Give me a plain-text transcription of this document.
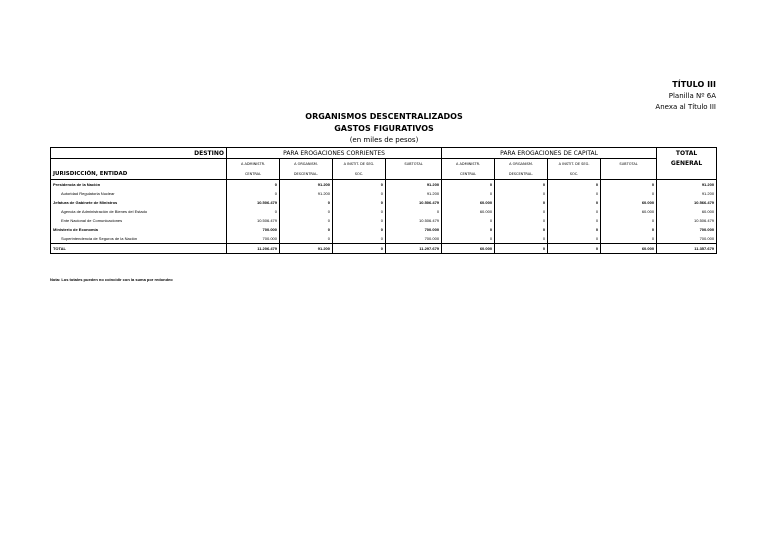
TÍTULO III
Planilla Nº 6A
Anexa al Título III
ORGANISMOS DESCENTRALIZADOS
GASTOS FIGURATIVOS
(en miles de pesos)
DESTINO	PARA EROGACIONES CORRIENTES				PARA EROGACIONES DE CAPITAL				TOTAL
	A ADMINISTR.	A ORGANISM.	A INSTIT. DE SEG.	SUBTOTAL	A ADMINISTR.	A ORGANISM.	A INSTIT. DE SEG.	SUBTOTAL	GENERAL
JURISDICCIÓN, ENTIDAD	CENTRAL	DESCENTRAL.	SOC.		CENTRAL	DESCENTRAL.	SOC.		
Presidencia de la Nación	0	91.200	0	91.200	0	0	0	0	91.200
Autoridad Regulatoria Nuclear	0	91.200	0	91.200	0	0	0	0	91.200
Jefatura de Gabinete de Ministros	10.506.479	0	0	10.506.479	60.000	0	0	60.000	10.566.479
Agencia de Administración de Bienes del Estado	0	0	0	0	60.000	0	0	60.000	60.000
Ente Nacional de Comunicaciones	10.506.479	0	0	10.506.479	0	0	0	0	10.506.479
Ministerio de Economía	700.000	0	0	700.000	0	0	0	0	700.000
Superintendencia de Seguros de la Nación	700.000	0	0	700.000	0	0	0	0	700.000
TOTAL	11.206.479	91.200	0	11.297.679	60.000	0	0	60.000	11.357.679
Nota: Los totales pueden no coincidir con la suma por redondeo
